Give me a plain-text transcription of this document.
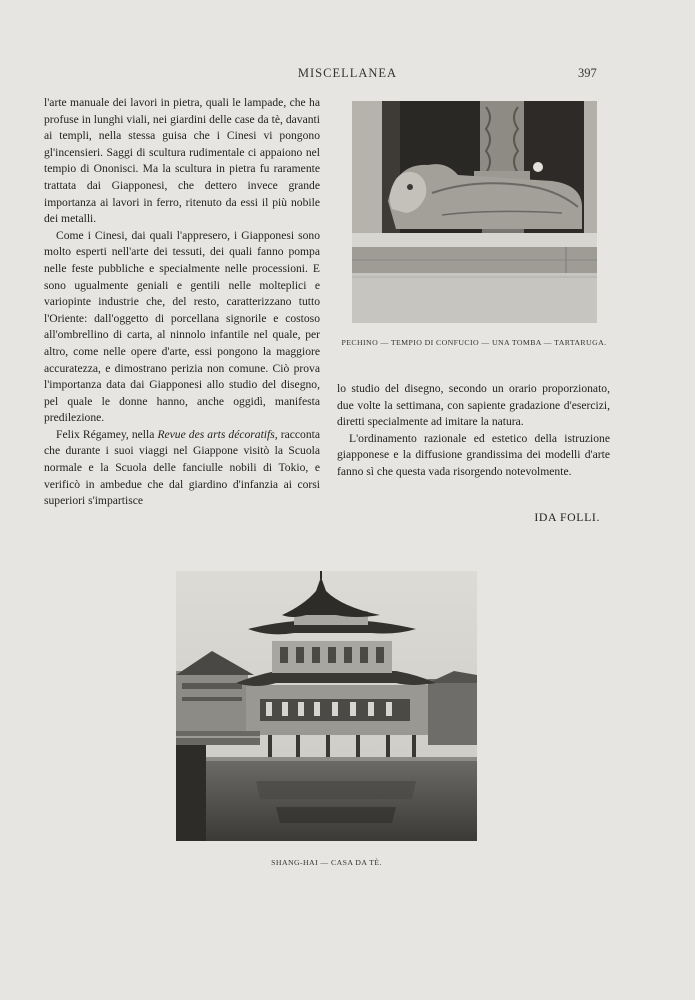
MISCELLANEA	397

l'arte manuale dei lavori in pietra, quali le lampade, che ha profuse in lunghi viali, nei giardini delle case da tè, davanti ai templi, nella stessa guisa che i Cinesi vi pongono gl'incensieri. Saggi di scultura rudimentale ci appaiono nel tempio di Ononisci. Ma la scultura in pietra fu raramente trattata dai Giapponesi, che dettero invece grande importanza ai lavori in ferro, ritenuto da essi il più nobile dei metalli.

Come i Cinesi, dai quali l'appresero, i Giapponesi sono molto esperti nell'arte dei tessuti, dei quali fanno pompa nelle feste pubbliche e specialmente nelle processioni. E sono ugualmente geniali e gentili nelle molteplici e variopinte industrie che, del resto, caratterizzano tutto l'Oriente: dall'oggetto di porcellana signorile e costoso all'ombrellino di carta, al ninnolo infantile nel quale, per altro, come nelle opere d'arte, essi pongono la maggiore accuratezza, e dimostrano perizia non comune. Ciò prova l'importanza data dai Giapponesi allo studio del disegno, pel quale le donne hanno, anche oggidì, manifesta predilezione.

Felix Régamey, nella Revue des arts décoratifs, racconta che durante i suoi viaggi nel Giappone visitò la Scuola normale e la Scuola delle fanciulle nobili di Tokio, e verificò in ambedue che dal giardino d'infanzia ai corsi superiori s'impartisce

PECHINO — TEMPIO DI CONFUCIO — UNA TOMBA — TARTARUGA.

lo studio del disegno, secondo un orario proporzionato, due volte la settimana, con sapiente gradazione d'esercizi, diretti specialmente ad imitare la natura.

L'ordinamento razionale ed estetico della istruzione giapponese e la diffusione grandissima dei modelli d'arte fanno sì che questa vada risorgendo notevolmente.

IDA FOLLI.
SHANG-HAI — CASA DA TÈ.
